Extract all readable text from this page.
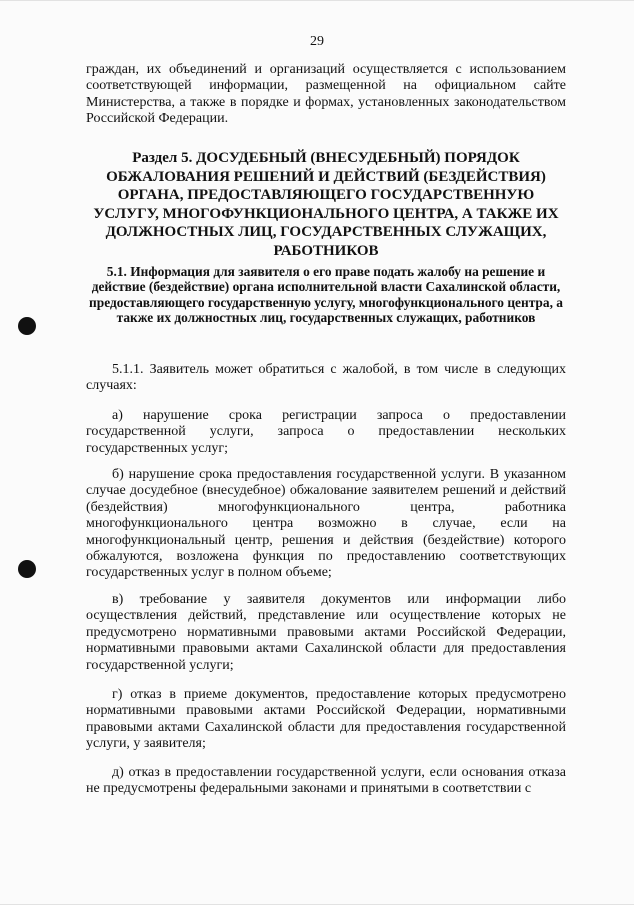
29
граждан, их объединений и организаций осуществляется с использованием соответствующей информации, размещенной на официальном сайте Министерства, а также в порядке и формах, установленных законодательством Российской Федерации.
Раздел 5. ДОСУДЕБНЫЙ (ВНЕСУДЕБНЫЙ) ПОРЯДОК ОБЖАЛОВАНИЯ РЕШЕНИЙ И ДЕЙСТВИЙ (БЕЗДЕЙСТВИЯ) ОРГАНА, ПРЕДОСТАВЛЯЮЩЕГО ГОСУДАРСТВЕННУЮ УСЛУГУ, МНОГОФУНКЦИОНАЛЬНОГО ЦЕНТРА, А ТАКЖЕ ИХ ДОЛЖНОСТНЫХ ЛИЦ, ГОСУДАРСТВЕННЫХ СЛУЖАЩИХ, РАБОТНИКОВ
5.1. Информация для заявителя о его праве подать жалобу на решение и действие (бездействие) органа исполнительной власти Сахалинской области, предоставляющего государственную услугу, многофункционального центра, а также их должностных лиц, государственных служащих, работников
5.1.1. Заявитель может обратиться с жалобой, в том числе в следующих случаях:
а) нарушение срока регистрации запроса о предоставлении государственной услуги, запроса о предоставлении нескольких государственных услуг;
б) нарушение срока предоставления государственной услуги. В указанном случае досудебное (внесудебное) обжалование заявителем решений и действий (бездействия) многофункционального центра, работника многофункционального центра возможно в случае, если на многофункциональный центр, решения и действия (бездействие) которого обжалуются, возложена функция по предоставлению соответствующих государственных услуг в полном объеме;
в) требование у заявителя документов или информации либо осуществления действий, представление или осуществление которых не предусмотрено нормативными правовыми актами Российской Федерации, нормативными правовыми актами Сахалинской области для предоставления государственной услуги;
г) отказ в приеме документов, предоставление которых предусмотрено нормативными правовыми актами Российской Федерации, нормативными правовыми актами Сахалинской области для предоставления государственной услуги, у заявителя;
д) отказ в предоставлении государственной услуги, если основания отказа не предусмотрены федеральными законами и принятыми в соответствии с
